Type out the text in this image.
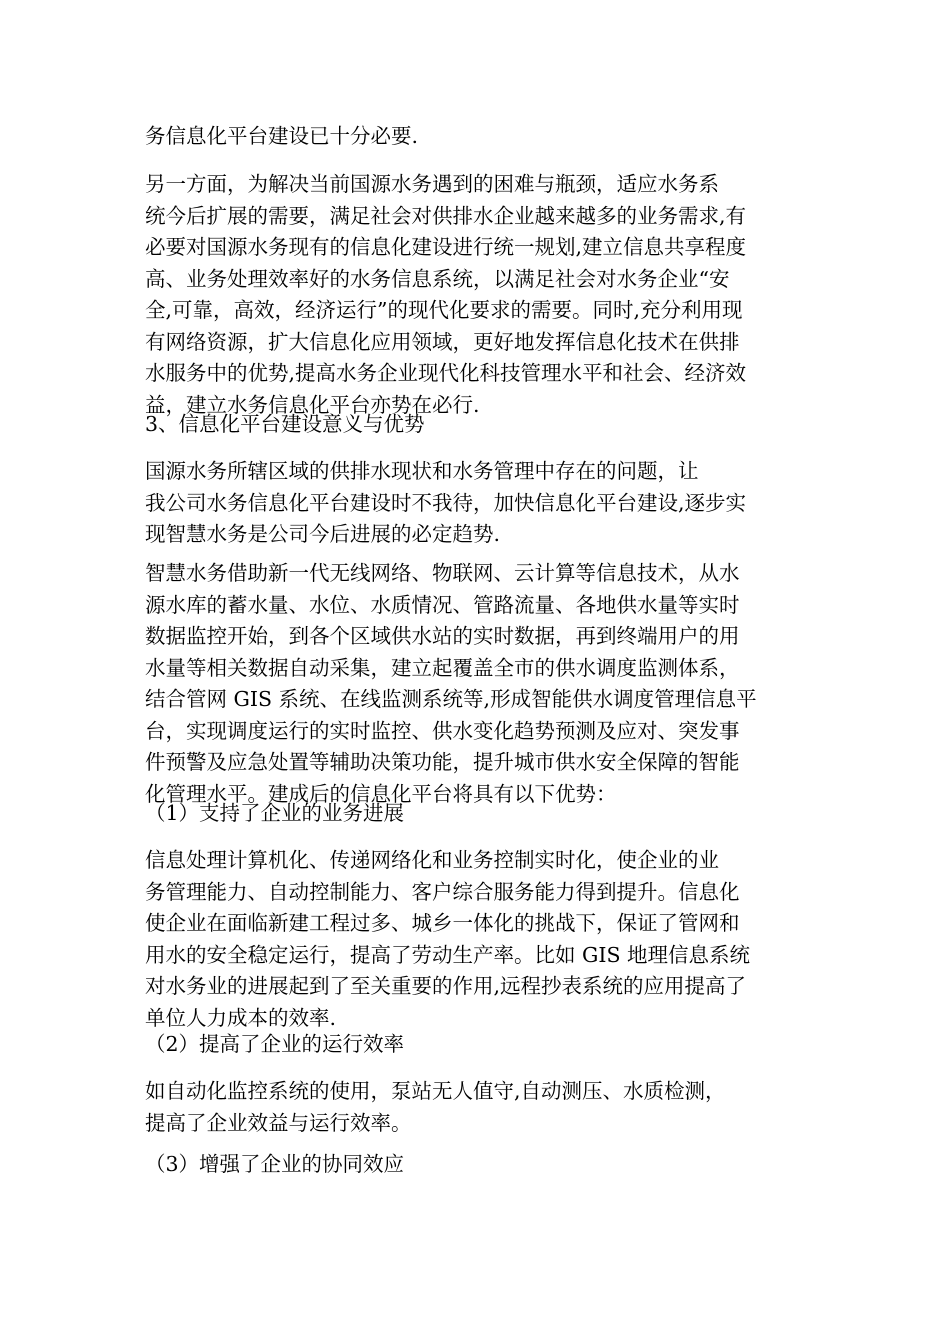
务信息化平台建设已十分必要.
另一方面，为解决当前国源水务遇到的困难与瓶颈，适应水务系
统今后扩展的需要，满足社会对供排水企业越来越多的业务需求,有
必要对国源水务现有的信息化建设进行统一规划,建立信息共享程度
高、业务处理效率好的水务信息系统，以满足社会对水务企业“安
全,可靠，高效，经济运行”的现代化要求的需要。同时,充分利用现
有网络资源，扩大信息化应用领域，更好地发挥信息化技术在供排
水服务中的优势,提高水务企业现代化科技管理水平和社会、经济效
益，建立水务信息化平台亦势在必行.
3、信息化平台建设意义与优势
国源水务所辖区域的供排水现状和水务管理中存在的问题，让
我公司水务信息化平台建设时不我待，加快信息化平台建设,逐步实
现智慧水务是公司今后进展的必定趋势.
智慧水务借助新一代无线网络、物联网、云计算等信息技术，从水
源水库的蓄水量、水位、水质情况、管路流量、各地供水量等实时
数据监控开始，到各个区域供水站的实时数据，再到终端用户的用
水量等相关数据自动采集，建立起覆盖全市的供水调度监测体系，
结合管网 GIS 系统、在线监测系统等,形成智能供水调度管理信息平
台，实现调度运行的实时监控、供水变化趋势预测及应对、突发事
件预警及应急处置等辅助决策功能，提升城市供水安全保障的智能
化管理水平。建成后的信息化平台将具有以下优势：
（1）支持了企业的业务进展
信息处理计算机化、传递网络化和业务控制实时化，使企业的业
务管理能力、自动控制能力、客户综合服务能力得到提升。信息化
使企业在面临新建工程过多、城乡一体化的挑战下，保证了管网和
用水的安全稳定运行，提高了劳动生产率。比如 GIS 地理信息系统
对水务业的进展起到了至关重要的作用,远程抄表系统的应用提高了
单位人力成本的效率.
（2）提高了企业的运行效率
如自动化监控系统的使用，泵站无人值守,自动测压、水质检测，
提高了企业效益与运行效率。
（3）增强了企业的协同效应
